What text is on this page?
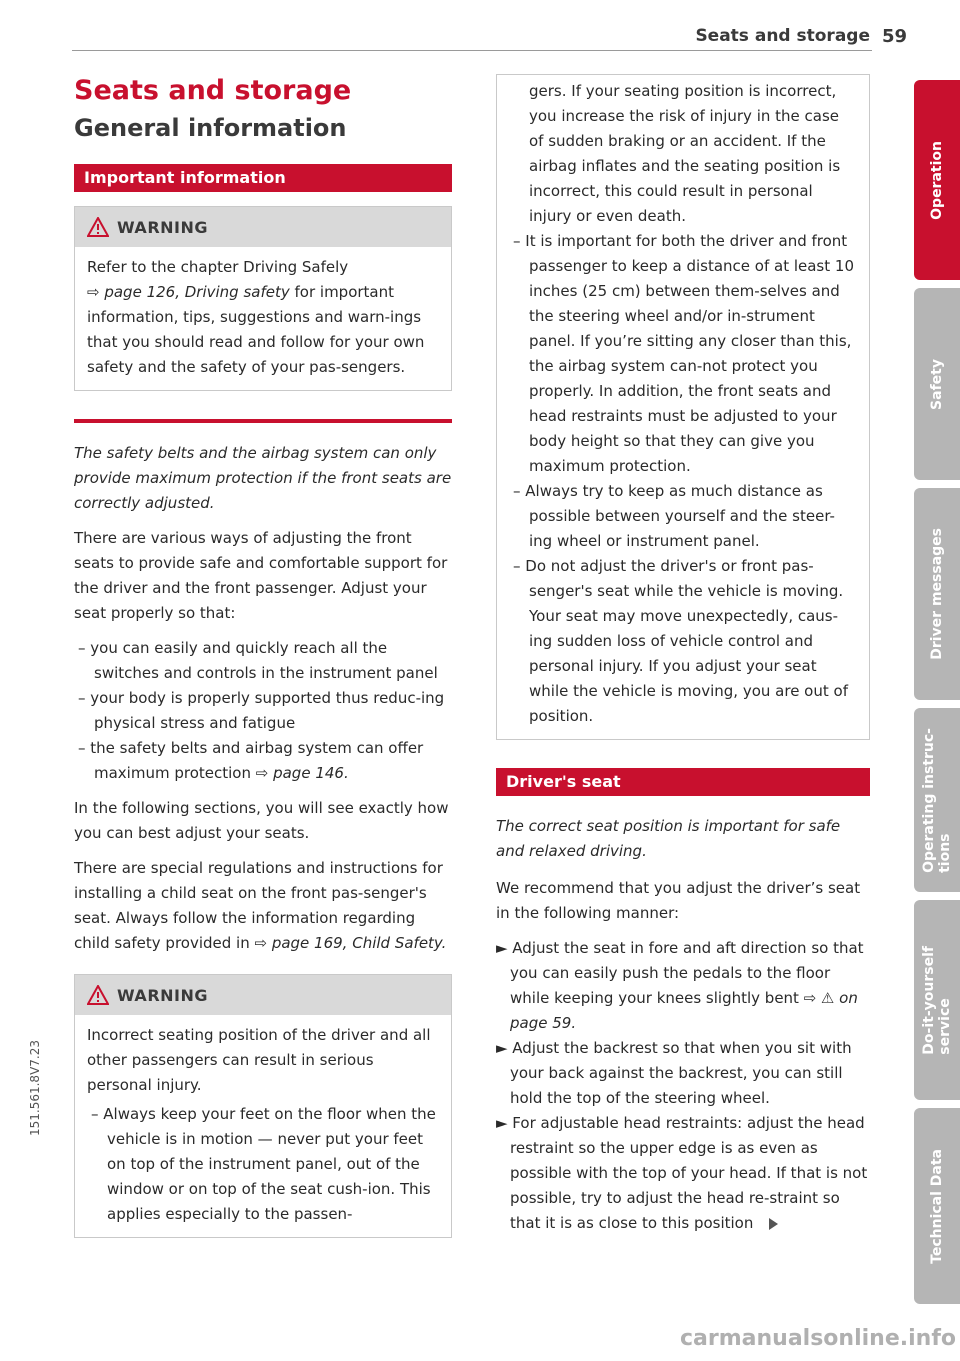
Seats and storage 59
Seats and storage
General information
Important information
WARNING

Refer to the chapter Driving Safely
⇨ page 126, Driving safety for important information, tips, suggestions and warn-ings that you should read and follow for your own safety and the safety of your pas-sengers.

The safety belts and the airbag system can only provide maximum protection if the front seats are correctly adjusted.

There are various ways of adjusting the front seats to provide safe and comfortable support for the driver and the front passenger. Adjust your seat properly so that:

– you can easily and quickly reach all the switches and controls in the instrument panel
– your body is properly supported thus reduc-ing physical stress and fatigue
– the safety belts and airbag system can offer maximum protection ⇨ page 146.

In the following sections, you will see exactly how you can best adjust your seats.

There are special regulations and instructions for installing a child seat on the front pas-senger's seat. Always follow the information regarding child safety provided in ⇨ page 169, Child Safety.

WARNING

Incorrect seating position of the driver and all other passengers can result in serious personal injury.

– Always keep your feet on the floor when the vehicle is in motion — never put your feet on top of the instrument panel, out of the window or on top of the seat cush-ion. This applies especially to the passen-
gers. If your seating position is incorrect, you increase the risk of injury in the case of sudden braking or an accident. If the airbag inflates and the seating position is incorrect, this could result in personal injury or even death.
– It is important for both the driver and front passenger to keep a distance of at least 10 inches (25 cm) between them-selves and the steering wheel and/or in-strument panel. If you’re sitting any closer than this, the airbag system can-not protect you properly. In addition, the front seats and head restraints must be adjusted to your body height so that they can give you maximum protection.
– Always try to keep as much distance as possible between yourself and the steer-ing wheel or instrument panel.
– Do not adjust the driver's or front pas-senger's seat while the vehicle is moving. Your seat may move unexpectedly, caus-ing sudden loss of vehicle control and personal injury. If you adjust your seat while the vehicle is moving, you are out of position.
Driver's seat

The correct seat position is important for safe and relaxed driving.

We recommend that you adjust the driver’s seat in the following manner:

► Adjust the seat in fore and aft direction so that you can easily push the pedals to the floor while keeping your knees slightly bent ⇨ ⚠ on page 59.
► Adjust the backrest so that when you sit with your back against the backrest, you can still hold the top of the steering wheel.
► For adjustable head restraints: adjust the head restraint so the upper edge is as even as possible with the top of your head. If that is not possible, try to adjust the head re-straint so that it is as close to this position
Operation
Safety
Driver messages
Operating instruc-
tions
Do-it-yourself
service
Technical Data
151.561.8V7.23
carmanualsonline.info
